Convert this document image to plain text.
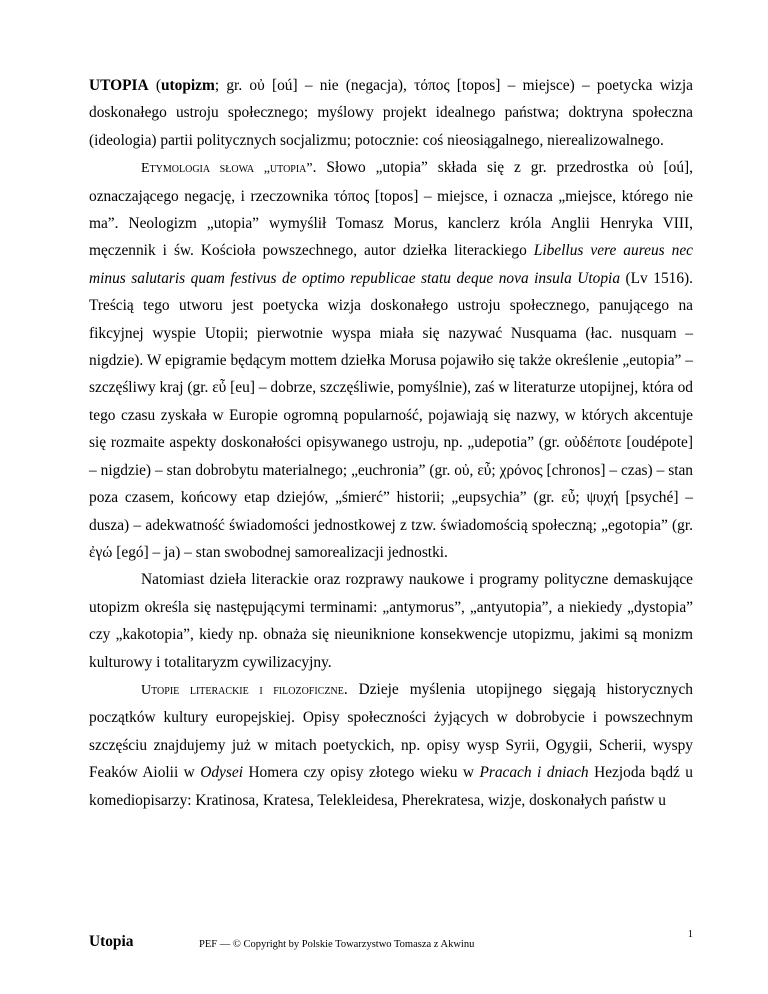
UTOPIA (utopizm; gr. οὐ [oú] – nie (negacja), τόπος [topos] – miejsce) – poetycka wizja doskonałego ustroju społecznego; myślowy projekt idealnego państwa; doktryna społeczna (ideologia) partii politycznych socjalizmu; potocznie: coś nieosiągalnego, nierealizowalnego.

Etymologia słowa „utopia”. Słowo „utopia” składa się z gr. przedrostka οὐ [oú], oznaczającego negację, i rzeczownika τόπος [topos] – miejsce, i oznacza „miejsce, którego nie ma”. Neologizm „utopia” wymyślił Tomasz Morus, kanclerz króla Anglii Henryka VIII, męczennik i św. Kościoła powszechnego, autor dziełka literackiego Libellus vere aureus nec minus salutaris quam festivus de optimo republicae statu deque nova insula Utopia (Lv 1516). Treścią tego utworu jest poetycka wizja doskonałego ustroju społecznego, panującego na fikcyjnej wyspie Utopii; pierwotnie wyspa miała się nazywać Nusquama (łac. nusquam – nigdzie). W epigramie będącym mottem dziełka Morusa pojawiło się także określenie „eutopia” – szczęśliwy kraj (gr. εὖ [eu] – dobrze, szczęśliwie, pomyślnie), zaś w literaturze utopijnej, która od tego czasu zyskała w Europie ogromną popularność, pojawiają się nazwy, w których akcentuje się rozmaite aspekty doskonałości opisywanego ustroju, np. „udepotia” (gr. οὐδέποτε [oudépote] – nigdzie) – stan dobrobytu materialnego; „euchronia” (gr. οὐ, εὖ; χρόνος [chronos] – czas) – stan poza czasem, końcowy etap dziejów, „śmierć” historii; „eupsychia” (gr. εὖ; ψυχή [psyché] – dusza) – adekwatność świadomości jednostkowej z tzw. świadomością społeczną; „egotopia” (gr. ἐγώ [egó] – ja) – stan swobodnej samorealizacji jednostki.

Natomiast dzieła literackie oraz rozprawy naukowe i programy polityczne demaskujące utopizm określa się następującymi terminami: „antymorus”, „antyutopia”, a niekiedy „dystopia” czy „kakotopia”, kiedy np. obnaża się nieuniknione konsekwencje utopizmu, jakimi są monizm kulturowy i totalitaryzm cywilizacyjny.

Utopie literackie i filozoficzne. Dzieje myślenia utopijnego sięgają historycznych początków kultury europejskiej. Opisy społeczności żyjących w dobrobycie i powszechnym szczęściu znajdujemy już w mitach poetyckich, np. opisy wysp Syrii, Ogygii, Scherii, wyspy Feaków Aiolii w Odysei Homera czy opisy złotego wieku w Pracach i dniach Hezjoda bądź u komediopisarzy: Kratinosa, Kratesa, Telekleidesa, Pherekratesa, wizje, doskonałych państw u

Utopia	PEF — © Copyright by Polskie Towarzystwo Tomasza z Akwinu
1
